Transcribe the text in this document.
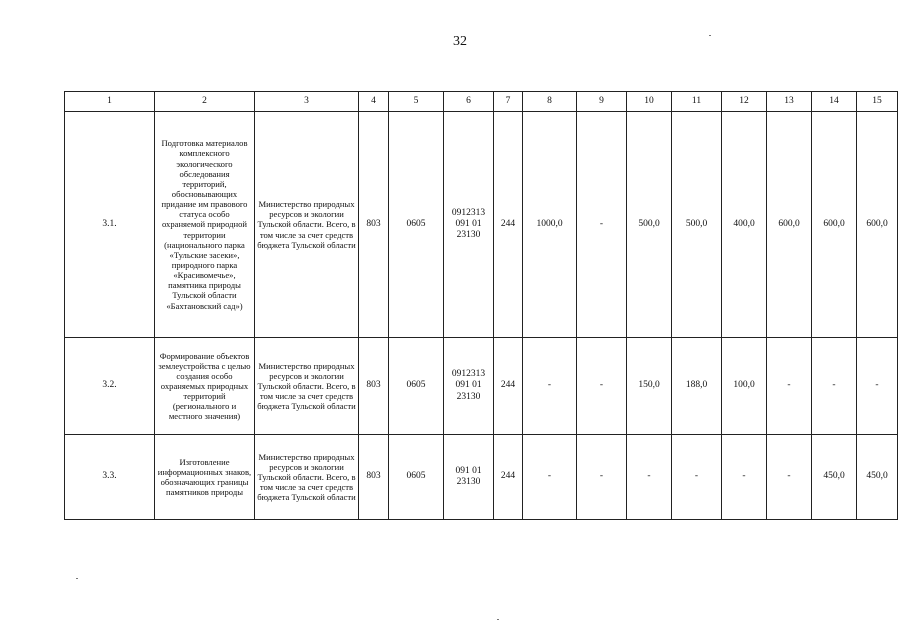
32
1	2	3	4	5	6	7	8	9	10	11	12	13	14	15
3.1.	Подготовка материалов комплексного экологического обследования территорий, обосновывающих придание им правового статуса особо охраняемой природной территории (национального парка «Тульские засеки», природного парка «Красивомечье», памятника природы Тульской области «Бахтановский сад»)	Министерство природных ресурсов и экологии Тульской области. Всего, в том числе за счет средств бюджета Тульской области	803	0605	0912313 091 01 23130	244	1000,0	-	500,0	500,0	400,0	600,0	600,0	600,0
3.2.	Формирование объектов землеустройства с целью создания особо охраняемых природных территорий (регионального и местного значения)	Министерство природных ресурсов и экологии Тульской области. Всего, в том числе за счет средств бюджета Тульской области	803	0605	0912313 091 01 23130	244	-	-	150,0	188,0	100,0	-	-	-
3.3.	Изготовление информационных знаков, обозначающих границы памятников природы	Министерство природных ресурсов и экологии Тульской области. Всего, в том числе за счет средств бюджета Тульской области	803	0605	091 01 23130	244	-	-	-	-	-	-	450,0	450,0
